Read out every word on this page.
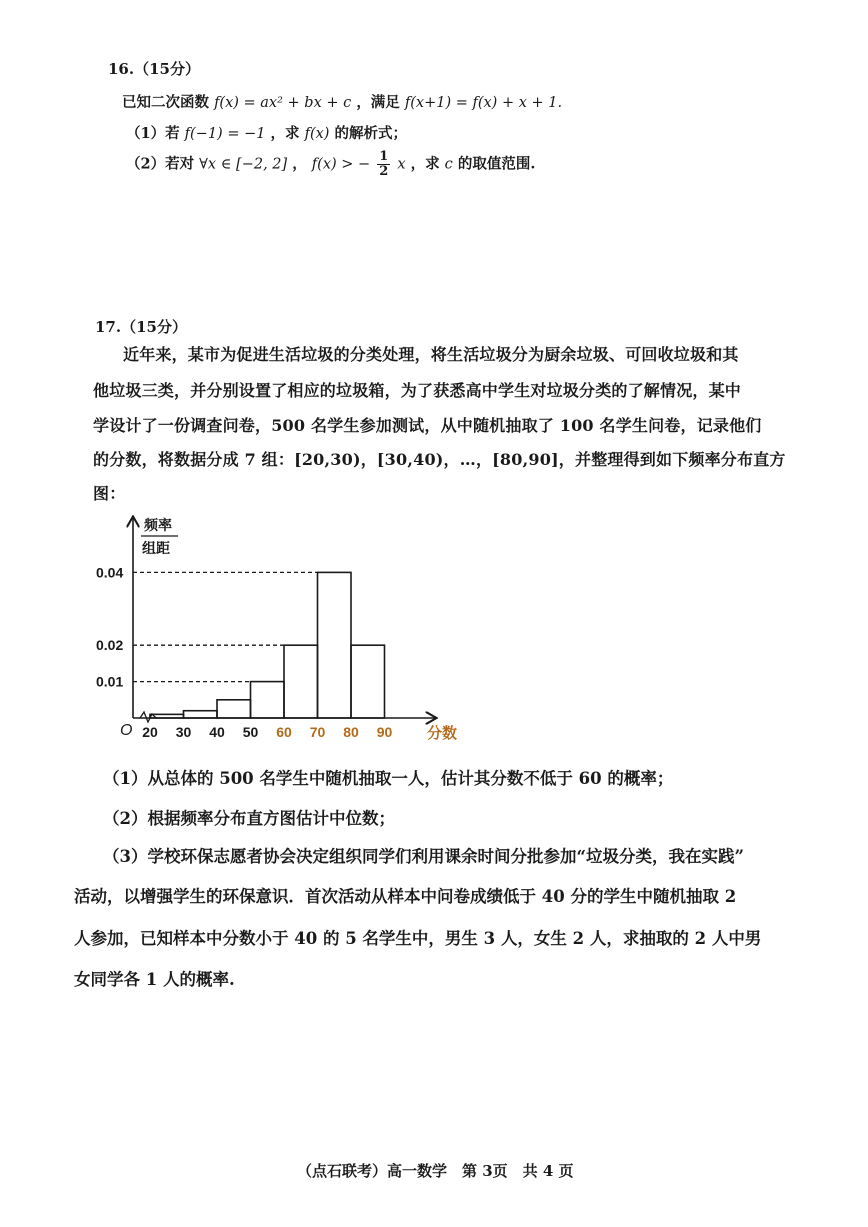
16.（15分）
已知二次函数 f(x) = ax² + bx + c ，满足 f(x+1) = f(x) + x + 1.
（1）若 f(−1) = −1 ，求 f(x) 的解析式；
（2）若对 ∀x ∈ [−2, 2] ， f(x) > − $\frac{1}{2}$ x ，求 c 的取值范围.
17.（15分）
近年来，某市为促进生活垃圾的分类处理，将生活垃圾分为厨余垃圾、可回收垃圾和其
他垃圾三类，并分别设置了相应的垃圾箱，为了获悉高中学生对垃圾分类的了解情况，某中
学设计了一份调查问卷，500 名学生参加测试，从中随机抽取了 100 名学生问卷，记录他们
的分数，将数据分成 7 组：[20,30)，[30,40)，…，[80,90]，并整理得到如下频率分布直方
图：
0.01
0.02
0.04
20 30 40 50 60 70 80 90
O
频率
组距
分数
（1）从总体的 500 名学生中随机抽取一人，估计其分数不低于 60 的概率；
（2）根据频率分布直方图估计中位数；
（3）学校环保志愿者协会决定组织同学们利用课余时间分批参加“垃圾分类，我在实践”
活动，以增强学生的环保意识．首次活动从样本中问卷成绩低于 40 分的学生中随机抽取 2
人参加，已知样本中分数小于 40 的 5 名学生中，男生 3 人，女生 2 人，求抽取的 2 人中男
女同学各 1 人的概率.
（点石联考）高一数学　第 3页　共 4 页
